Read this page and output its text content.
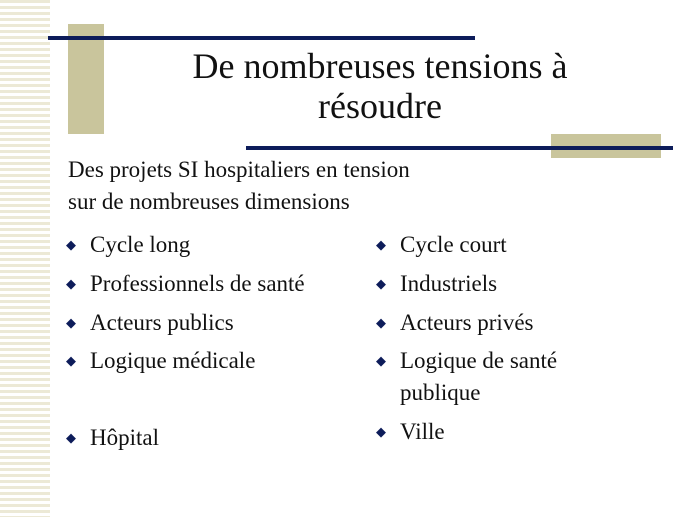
De nombreuses tensions à
résoudre

Des projets SI hospitaliers en tension
sur de nombreuses dimensions

◆ Cycle long
◆ Professionnels de santé
◆ Acteurs publics
◆ Logique médicale
◆ Hôpital
◆ Cycle court
◆ Industriels
◆ Acteurs privés
◆ Logique de santé
publique
◆ Ville
